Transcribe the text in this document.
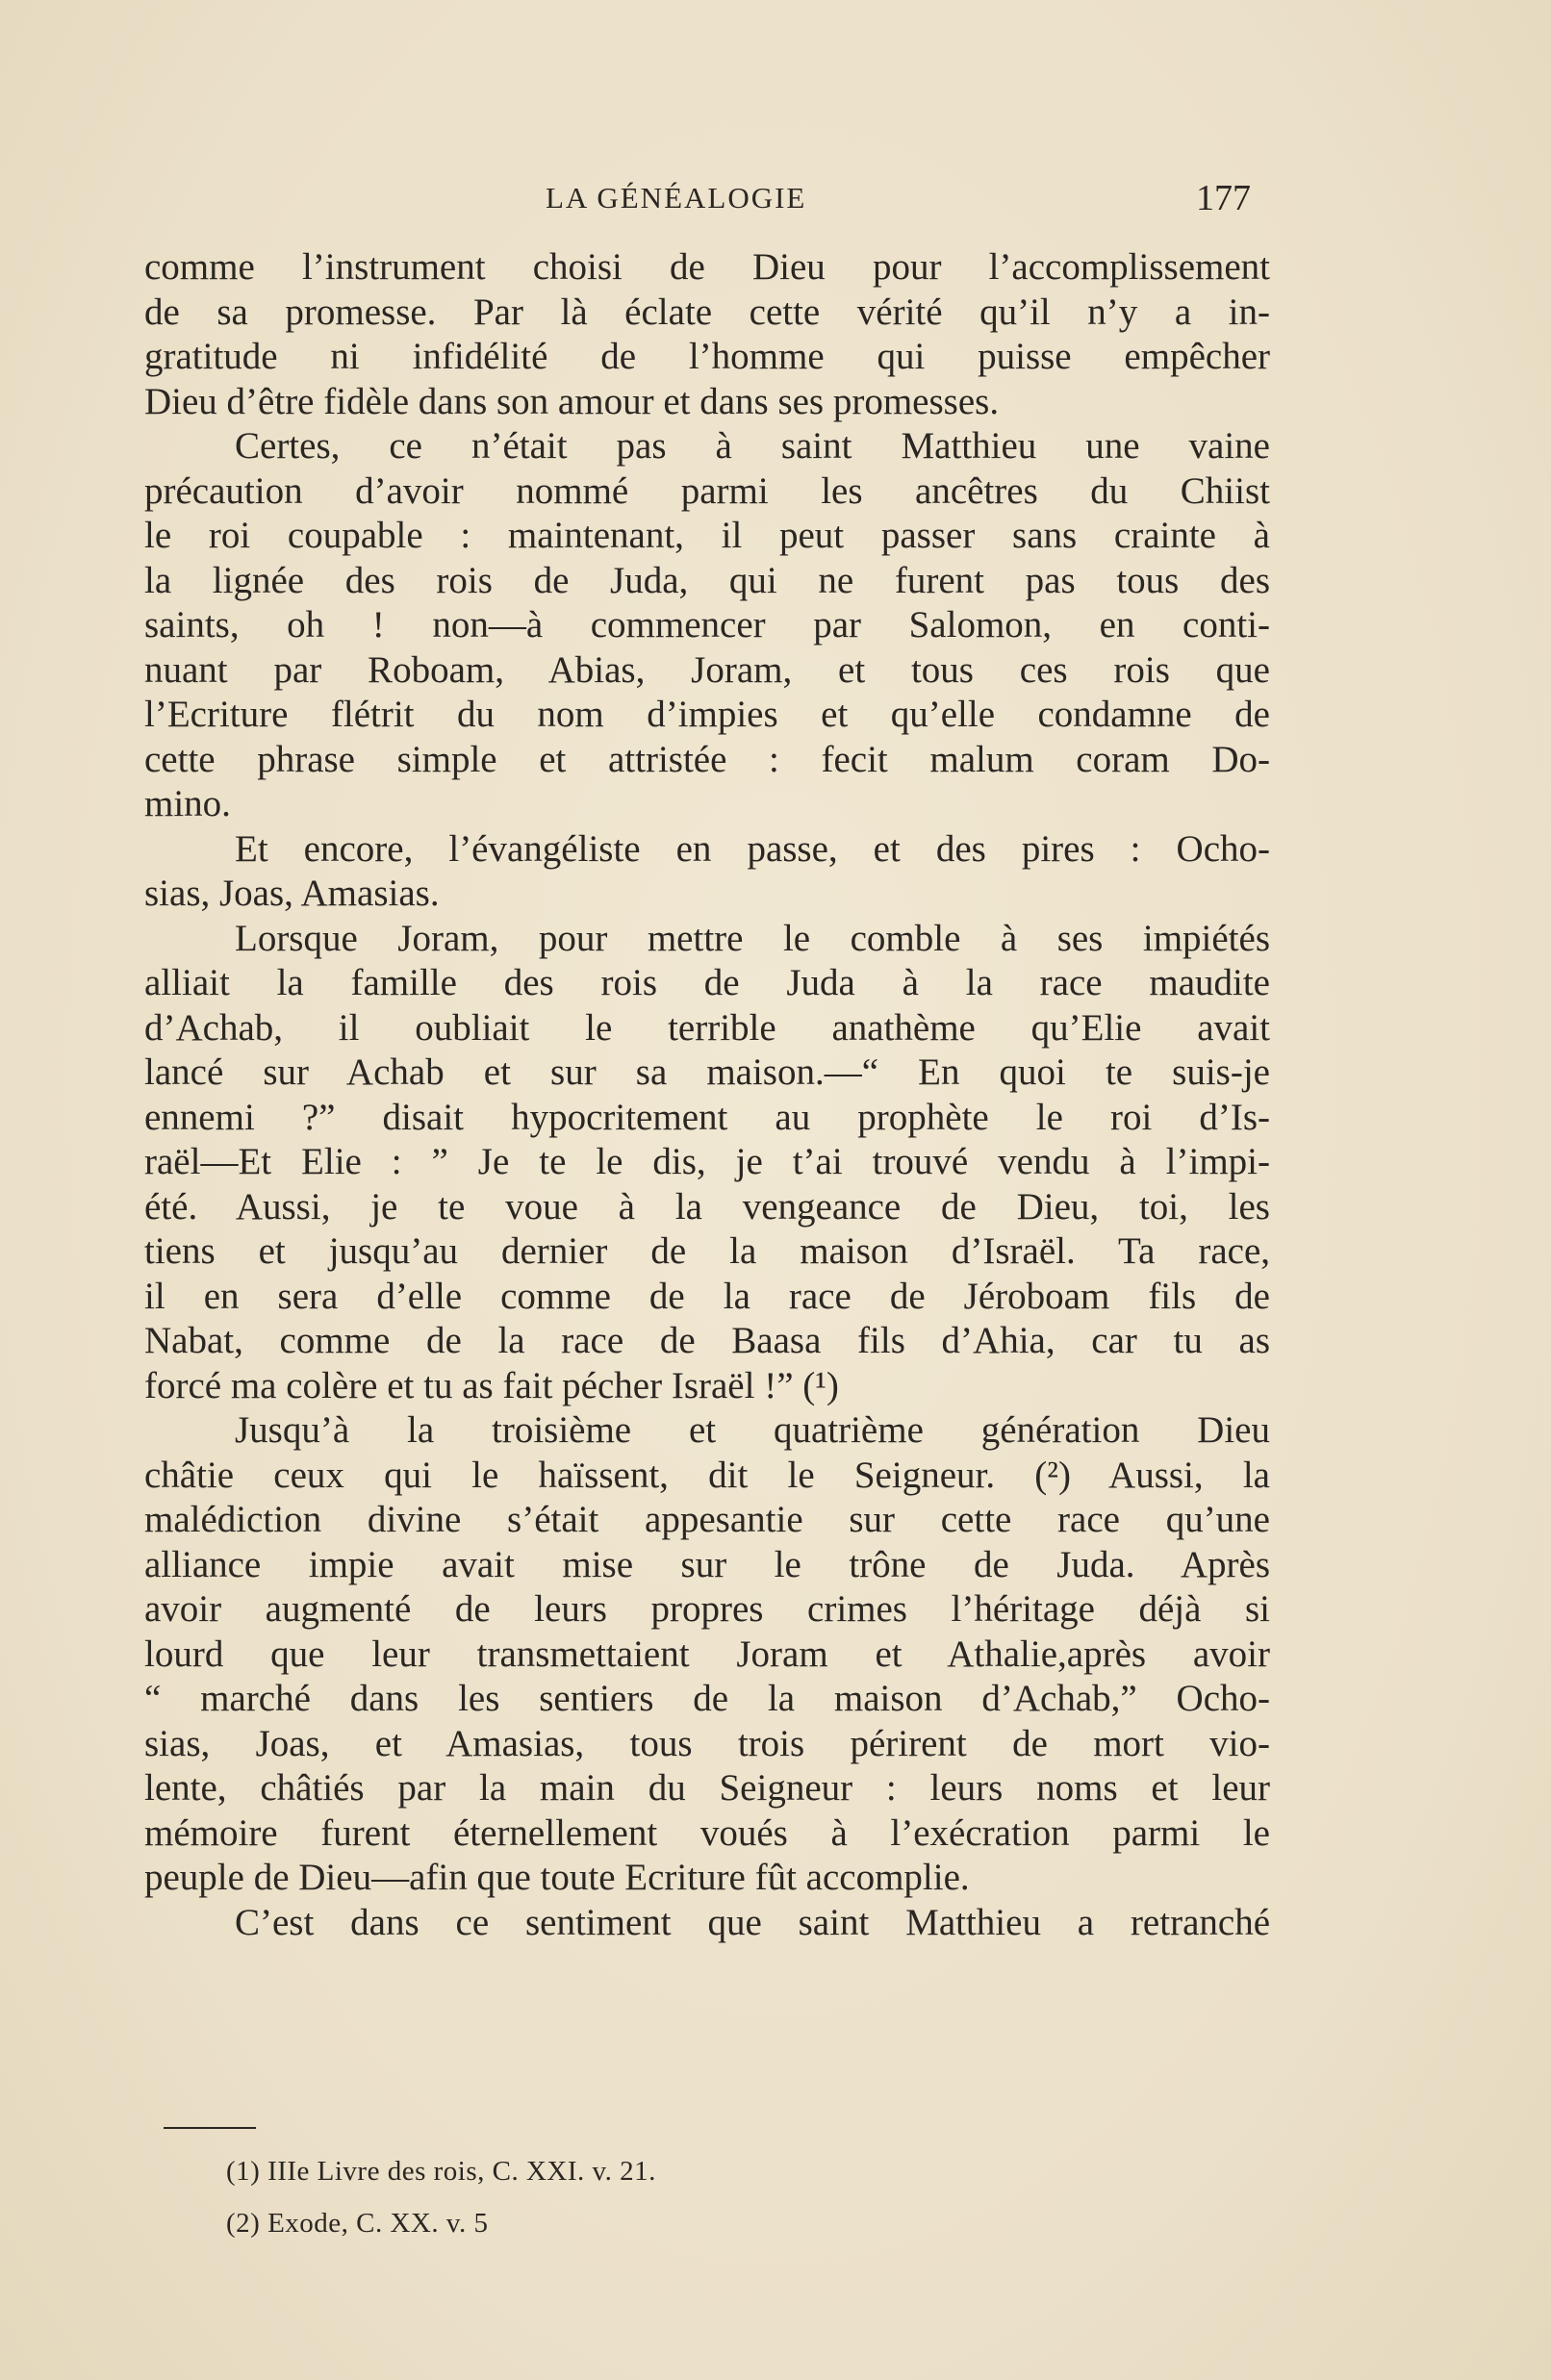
LA GÉNÉALOGIE	177
comme l’instrument choisi de Dieu pour l’accomplissement
de sa promesse. Par là éclate cette vérité qu’il n’y a in-
gratitude ni infidélité de l’homme qui puisse empêcher
Dieu d’être fidèle dans son amour et dans ses promesses.
Certes, ce n’était pas à saint Matthieu une vaine
précaution d’avoir nommé parmi les ancêtres du Chiist
le roi coupable : maintenant, il peut passer sans crainte à
la lignée des rois de Juda, qui ne furent pas tous des
saints, oh ! non—à commencer par Salomon, en conti-
nuant par Roboam, Abias, Joram, et tous ces rois que
l’Ecriture flétrit du nom d’impies et qu’elle condamne de
cette phrase simple et attristée : fecit malum coram Do-
mino.
Et encore, l’évangéliste en passe, et des pires : Ocho-
sias, Joas, Amasias.
Lorsque Joram, pour mettre le comble à ses impiétés
alliait la famille des rois de Juda à la race maudite
d’Achab, il oubliait le terrible anathème qu’Elie avait
lancé sur Achab et sur sa maison.—“ En quoi te suis-je
ennemi ?” disait hypocritement au prophète le roi d’Is-
raël—Et Elie : ” Je te le dis, je t’ai trouvé vendu à l’impi-
été. Aussi, je te voue à la vengeance de Dieu, toi, les
tiens et jusqu’au dernier de la maison d’Israël. Ta race,
il en sera d’elle comme de la race de Jéroboam fils de
Nabat, comme de la race de Baasa fils d’Ahia, car tu as
forcé ma colère et tu as fait pécher Israël !” (¹)
Jusqu’à la troisième et quatrième génération Dieu
châtie ceux qui le haïssent, dit le Seigneur. (²) Aussi, la
malédiction divine s’était appesantie sur cette race qu’une
alliance impie avait mise sur le trône de Juda. Après
avoir augmenté de leurs propres crimes l’héritage déjà si
lourd que leur transmettaient Joram et Athalie,après avoir
“ marché dans les sentiers de la maison d’Achab,” Ocho-
sias, Joas, et Amasias, tous trois périrent de mort vio-
lente, châtiés par la main du Seigneur : leurs noms et leur
mémoire furent éternellement voués à l’exécration parmi le
peuple de Dieu—afin que toute Ecriture fût accomplie.
C’est dans ce sentiment que saint Matthieu a retranché
(1) IIIe Livre des rois, C. XXI. v. 21.
(2) Exode, C. XX. v. 5
